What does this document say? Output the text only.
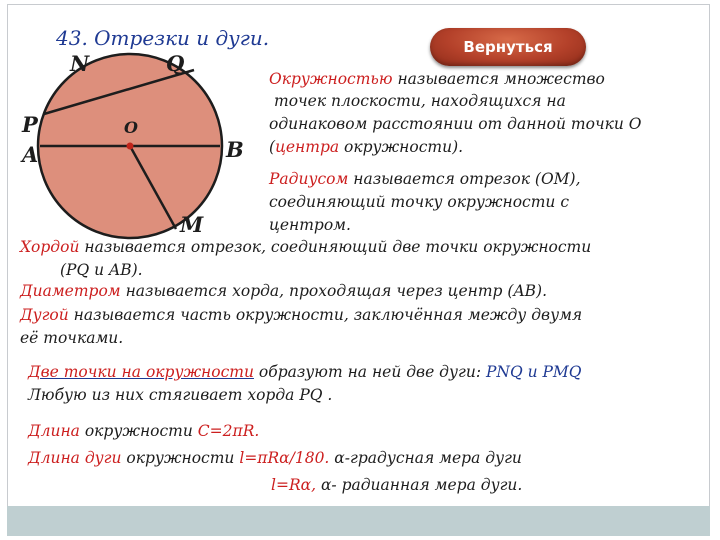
43. Отрезки и дуги.	Вернуться
N	Q
P
A
O
B
M
Окружностью называется множество
точек плоскости, находящихся на
одинаковом расстоянии от данной точки О
(центра окружности).
Радиусом называется отрезок (ОМ),
соединяющий точку окружности с
центром.
Хордой называется отрезок, соединяющий две точки окружности
(PQ и AB).
Диаметром называется хорда, проходящая через центр (AB).
Дугой называется часть окружности, заключённая между двумя
её точками.
Две точки на окружности образуют на ней две дуги: PNQ и PMQ
Любую из них стягивает хорда PQ .
Длина окружности С=2πR.
Длина дуги окружности l=πRα/180. α-градусная мера дуги
l=Rα, α- радианная мера дуги.
